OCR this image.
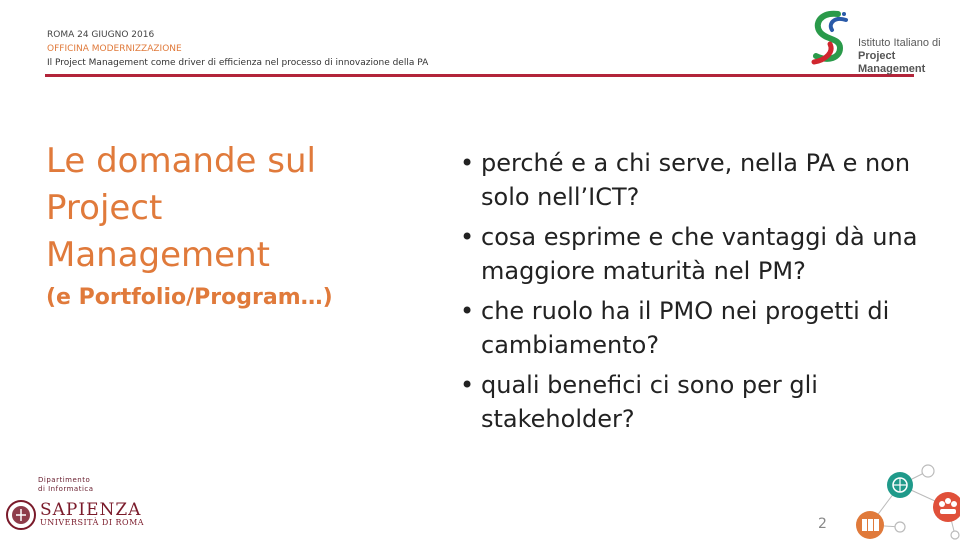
ROMA 24 GIUGNO 2016
OFFICINA MODERNIZZAZIONE
Il Project Management come driver di efficienza nel processo di innovazione della PA
Istituto Italiano di
Project Management
Le domande sul
Project
Management
(e Portfolio/Program…)
• perché e a chi serve, nella PA e non solo nell’ICT?
• cosa esprime e che vantaggi dà una maggiore maturità nel PM?
• che ruolo ha il PMO nei progetti di cambiamento?
• quali benefici ci sono per gli stakeholder?
Dipartimento
di Informatica
SAPIENZA
UNIVERSITÀ DI ROMA	2
